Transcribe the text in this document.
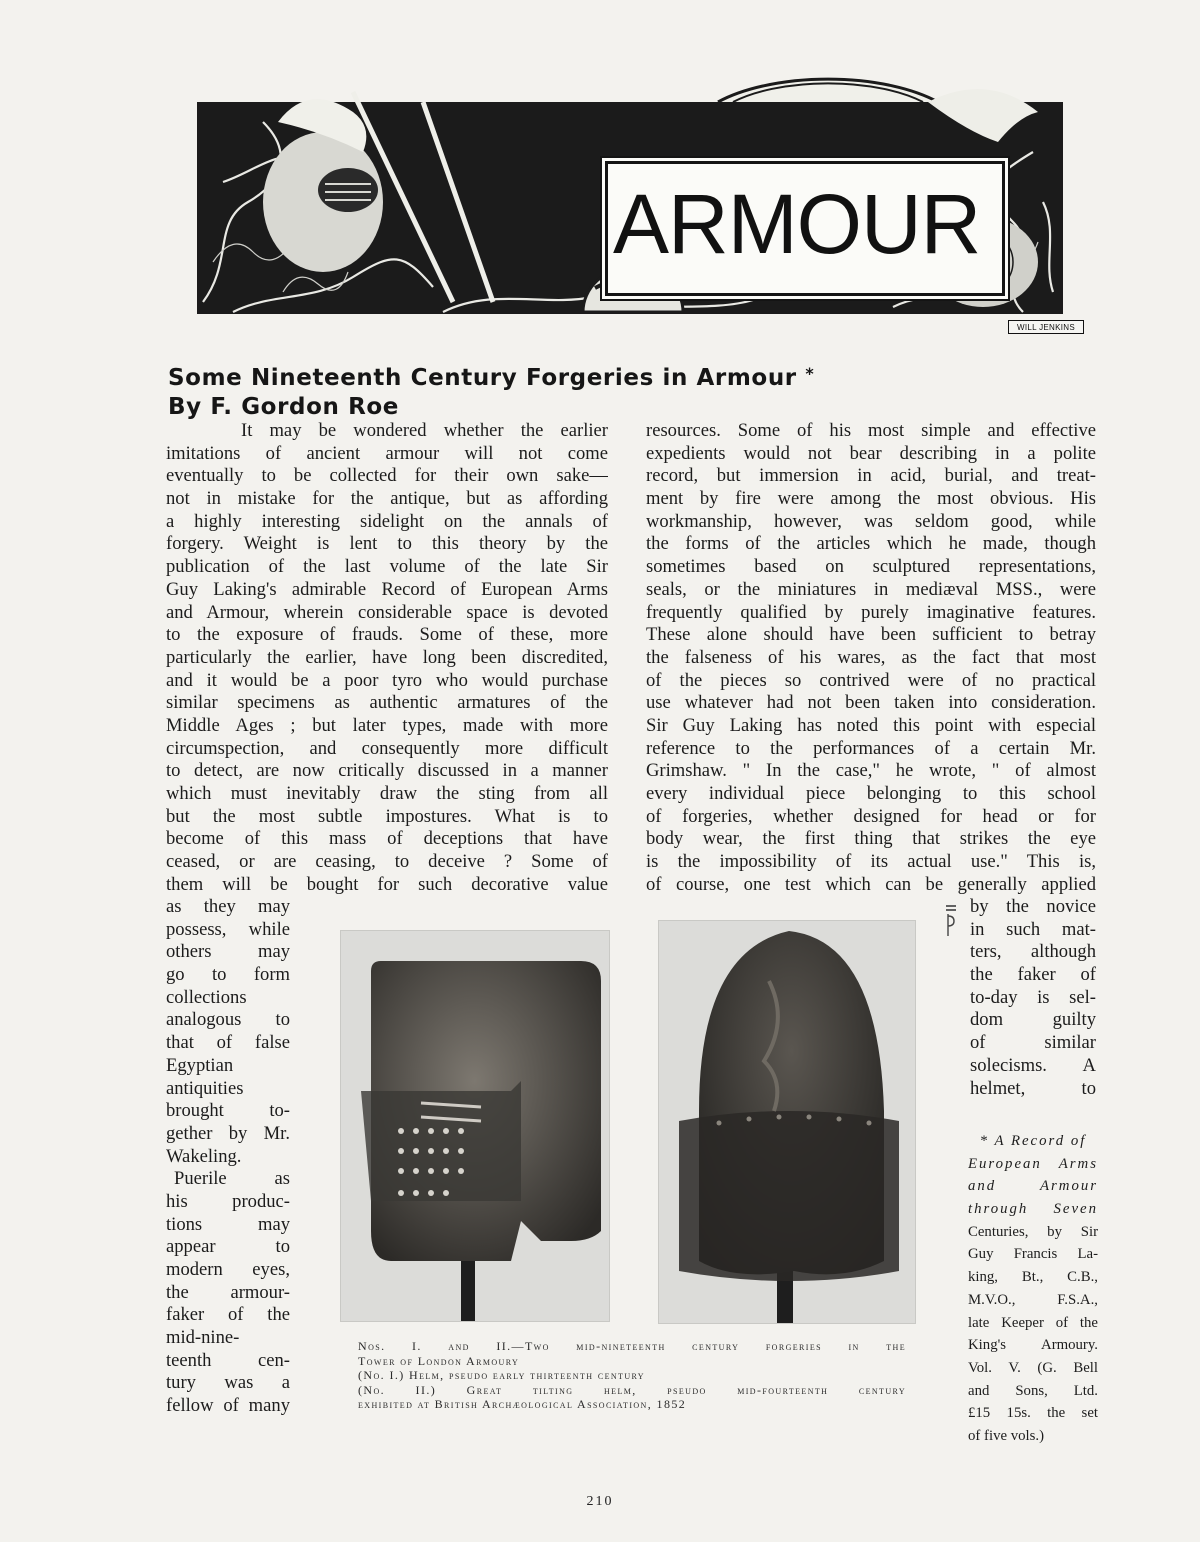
ARMOUR
WILL JENKINS
Some Nineteenth Century Forgeries in Armour *
By F. Gordon Roe
It may be wondered whether the earlier
imitations of ancient armour will not come
eventually to be collected for their own sake—
not in mistake for the antique, but as affording
a highly interesting sidelight on the annals of
forgery. Weight is lent to this theory by the
publication of the last volume of the late Sir
Guy Laking's admirable Record of European Arms
and Armour, wherein considerable space is devoted
to the exposure of frauds. Some of these, more
particularly the earlier, have long been discredited,
and it would be a poor tyro who would purchase
similar specimens as authentic armatures of the
Middle Ages ; but later types, made with more
circumspection, and consequently more difficult
to detect, are now critically discussed in a manner
which must inevitably draw the sting from all
but the most subtle impostures. What is to
become of this mass of deceptions that have
ceased, or are ceasing, to deceive ? Some of
them will be bought for such decorative value
as they may
possess, while
others may
go to form
collections
analogous to
that of false
Egyptian
antiquities
brought to-
gether by Mr.
Wakeling.
Puerile as
his produc-
tions may
appear to
modern eyes,
the armour-
faker of the
mid-nine-
teenth cen-
tury was a
fellow of many
resources. Some of his most simple and effective
expedients would not bear describing in a polite
record, but immersion in acid, burial, and treat-
ment by fire were among the most obvious. His
workmanship, however, was seldom good, while
the forms of the articles which he made, though
sometimes based on sculptured representations,
seals, or the miniatures in mediæval MSS., were
frequently qualified by purely imaginative features.
These alone should have been sufficient to betray
the falseness of his wares, as the fact that most
of the pieces so contrived were of no practical
use whatever had not been taken into consideration.
Sir Guy Laking has noted this point with especial
reference to the performances of a certain Mr.
Grimshaw. " In the case," he wrote, " of almost
every individual piece belonging to this school
of forgeries, whether designed for head or for
body wear, the first thing that strikes the eye
is the impossibility of its actual use." This is,
of course, one test which can be generally applied
by the novice
in such mat-
ters, although
the faker of
to-day is sel-
dom guilty
of similar
solecisms. A
helmet, to
Nos. I. and II.—Two mid-nineteenth century forgeries in the
Tower of London Armoury
(No. I.) Helm, pseudo early thirteenth century
(No. II.) Great tilting helm, pseudo mid-fourteenth century
exhibited at British Archæological Association, 1852
* A Record of
European Arms
and Armour
through Seven
Centuries, by Sir
Guy Francis La-
king, Bt., C.B.,
M.V.O., F.S.A.,
late Keeper of the
King's Armoury.
Vol. V. (G. Bell
and Sons, Ltd.
£15 15s. the set
of five vols.)
210
